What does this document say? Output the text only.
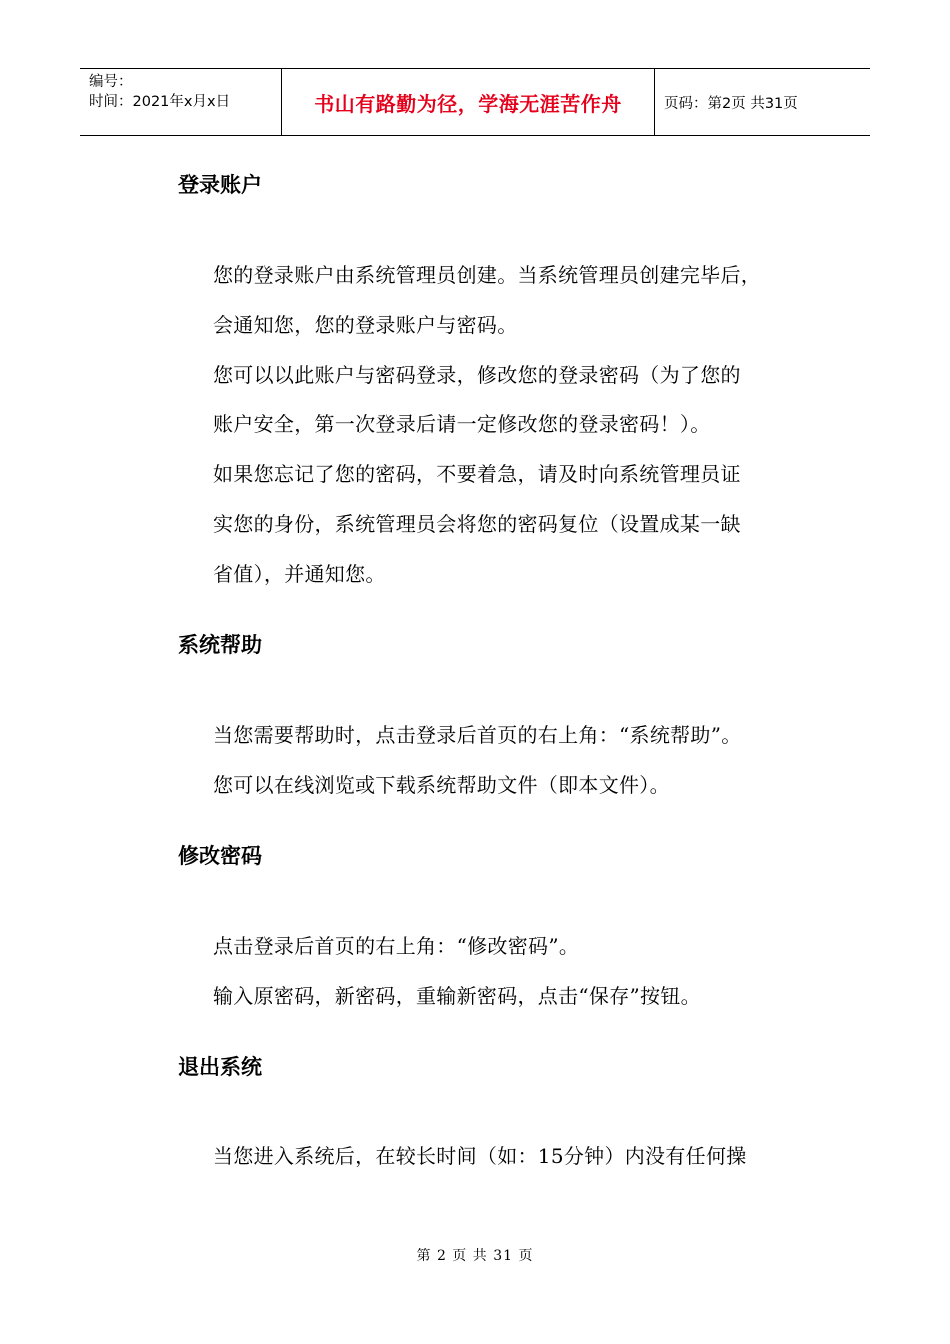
编号：
时间：2021年x月x日	书山有路勤为径，学海无涯苦作舟	页码：第2页 共31页
登录账户

您的登录账户由系统管理员创建。当系统管理员创建完毕后，

会通知您，您的登录账户与密码。

您可以以此账户与密码登录，修改您的登录密码（为了您的

账户安全，第一次登录后请一定修改您的登录密码！）。

如果您忘记了您的密码，不要着急，请及时向系统管理员证

实您的身份，系统管理员会将您的密码复位（设置成某一缺

省值），并通知您。

系统帮助

当您需要帮助时，点击登录后首页的右上角：“系统帮助”。

您可以在线浏览或下载系统帮助文件（即本文件）。

修改密码

点击登录后首页的右上角：“修改密码”。

输入原密码，新密码，重输新密码，点击“保存”按钮。

退出系统

当您进入系统后，在较长时间（如：15分钟）内没有任何操

第 2 页 共 31 页
